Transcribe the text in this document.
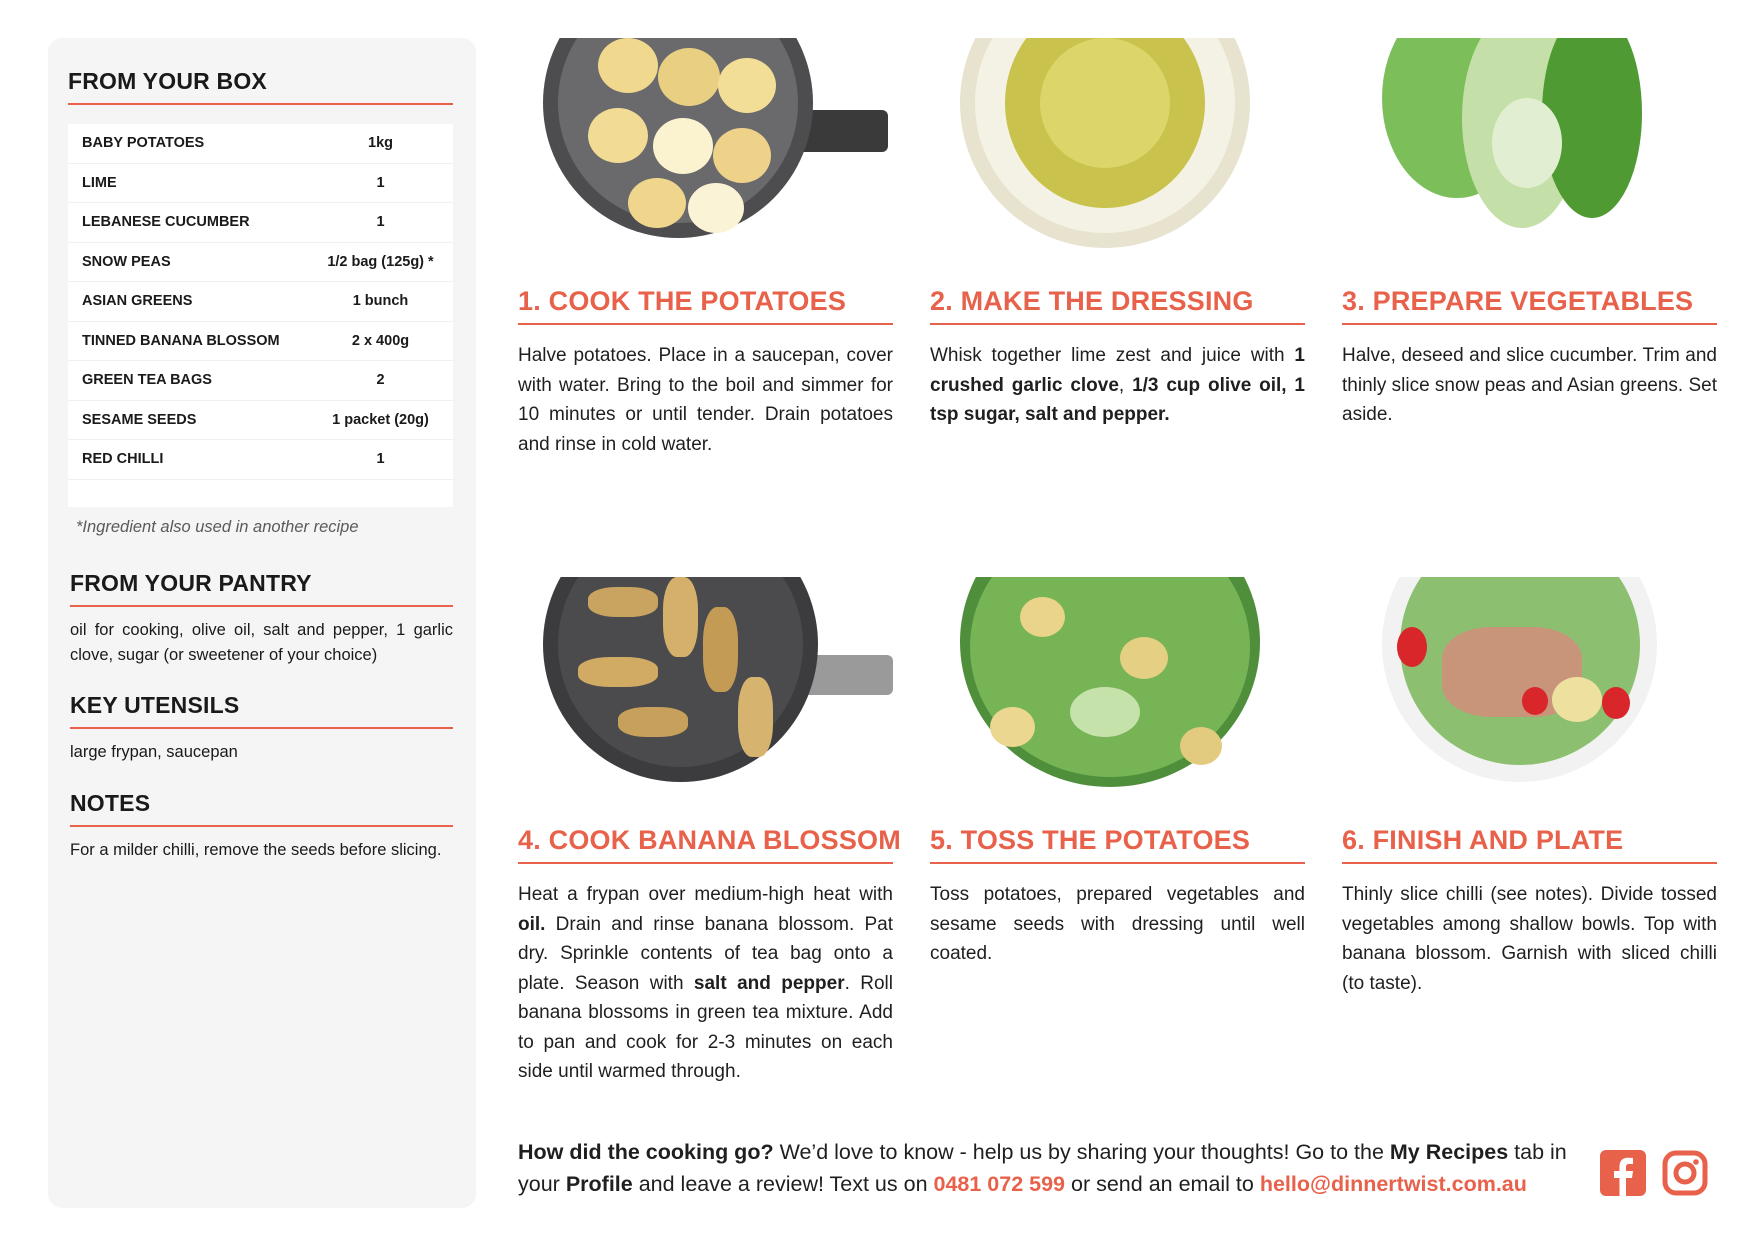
FROM YOUR BOX
BABY POTATOES	1kg
LIME	1
LEBANESE CUCUMBER	1
SNOW PEAS	1/2 bag (125g) *
ASIAN GREENS	1 bunch
TINNED BANANA BLOSSOM	2 x 400g
GREEN TEA BAGS	2
SESAME SEEDS	1 packet (20g)
RED CHILLI	1
*Ingredient also used in another recipe
FROM YOUR PANTRY
oil for cooking, olive oil, salt and pepper, 1 garlic clove, sugar (or sweetener of your choice)
KEY UTENSILS
large frypan, saucepan
NOTES
For a milder chilli, remove the seeds before slicing.
1. COOK THE POTATOES
Halve potatoes. Place in a saucepan, cover with water. Bring to the boil and simmer for 10 minutes or until tender. Drain potatoes and rinse in cold water.
2. MAKE THE DRESSING
Whisk together lime zest and juice with 1 crushed garlic clove, 1/3 cup olive oil, 1 tsp sugar, salt and pepper.
3. PREPARE VEGETABLES
Halve, deseed and slice cucumber. Trim and thinly slice snow peas and Asian greens. Set aside.
4. COOK BANANA BLOSSOM
Heat a frypan over medium-high heat with oil. Drain and rinse banana blossom. Pat dry. Sprinkle contents of tea bag onto a plate. Season with salt and pepper. Roll banana blossoms in green tea mixture. Add to pan and cook for 2-3 minutes on each side until warmed through.
5. TOSS THE POTATOES
Toss potatoes, prepared vegetables and sesame seeds with dressing until well coated.
6. FINISH AND PLATE
Thinly slice chilli (see notes). Divide tossed vegetables among shallow bowls. Top with banana blossom. Garnish with sliced chilli (to taste).
How did the cooking go? We’d love to know - help us by sharing your thoughts! Go to the My Recipes tab in your Profile and leave a review! Text us on 0481 072 599 or send an email to hello@dinnertwist.com.au
